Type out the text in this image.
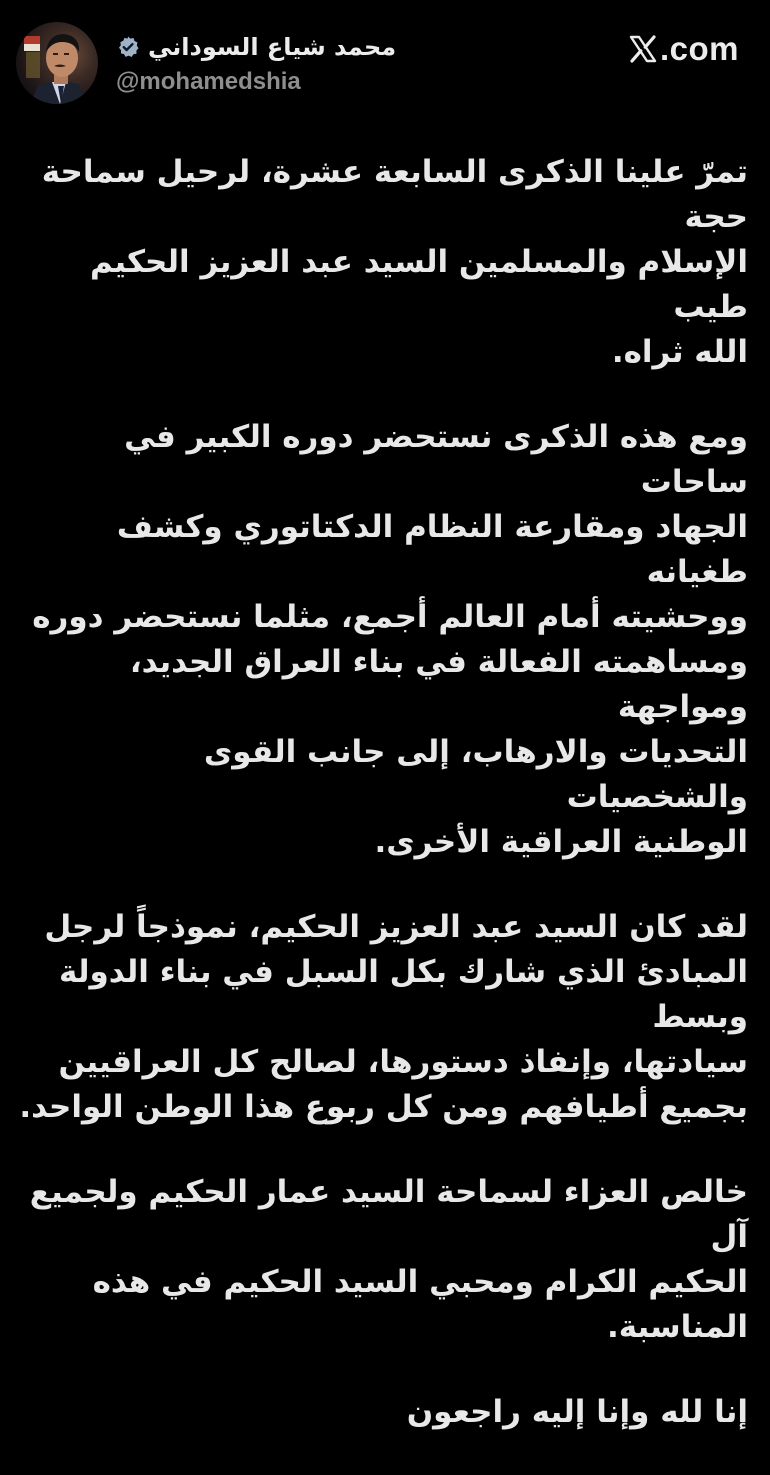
محمد شياع السوداني
@mohamedshia
.com

تمرّ علينا الذكرى السابعة عشرة، لرحيل سماحة حجة
الإسلام والمسلمين السيد عبد العزيز الحكيم طيب
الله ثراه.

ومع هذه الذكرى نستحضر دوره الكبير في ساحات
الجهاد ومقارعة النظام الدكتاتوري وكشف طغيانه
ووحشيته أمام العالم أجمع، مثلما نستحضر دوره
ومساهمته الفعالة في بناء العراق الجديد، ومواجهة
التحديات والارهاب، إلى جانب القوى والشخصيات
الوطنية العراقية الأخرى.

لقد كان السيد عبد العزيز الحكيم، نموذجاً لرجل
المبادئ الذي شارك بكل السبل في بناء الدولة وبسط
سيادتها، وإنفاذ دستورها، لصالح كل العراقيين
بجميع أطيافهم ومن كل ربوع هذا الوطن الواحد.

خالص العزاء لسماحة السيد عمار الحكيم ولجميع آل
الحكيم الكرام ومحبي السيد الحكيم في هذه
المناسبة.

إنا لله وإنا إليه راجعون
